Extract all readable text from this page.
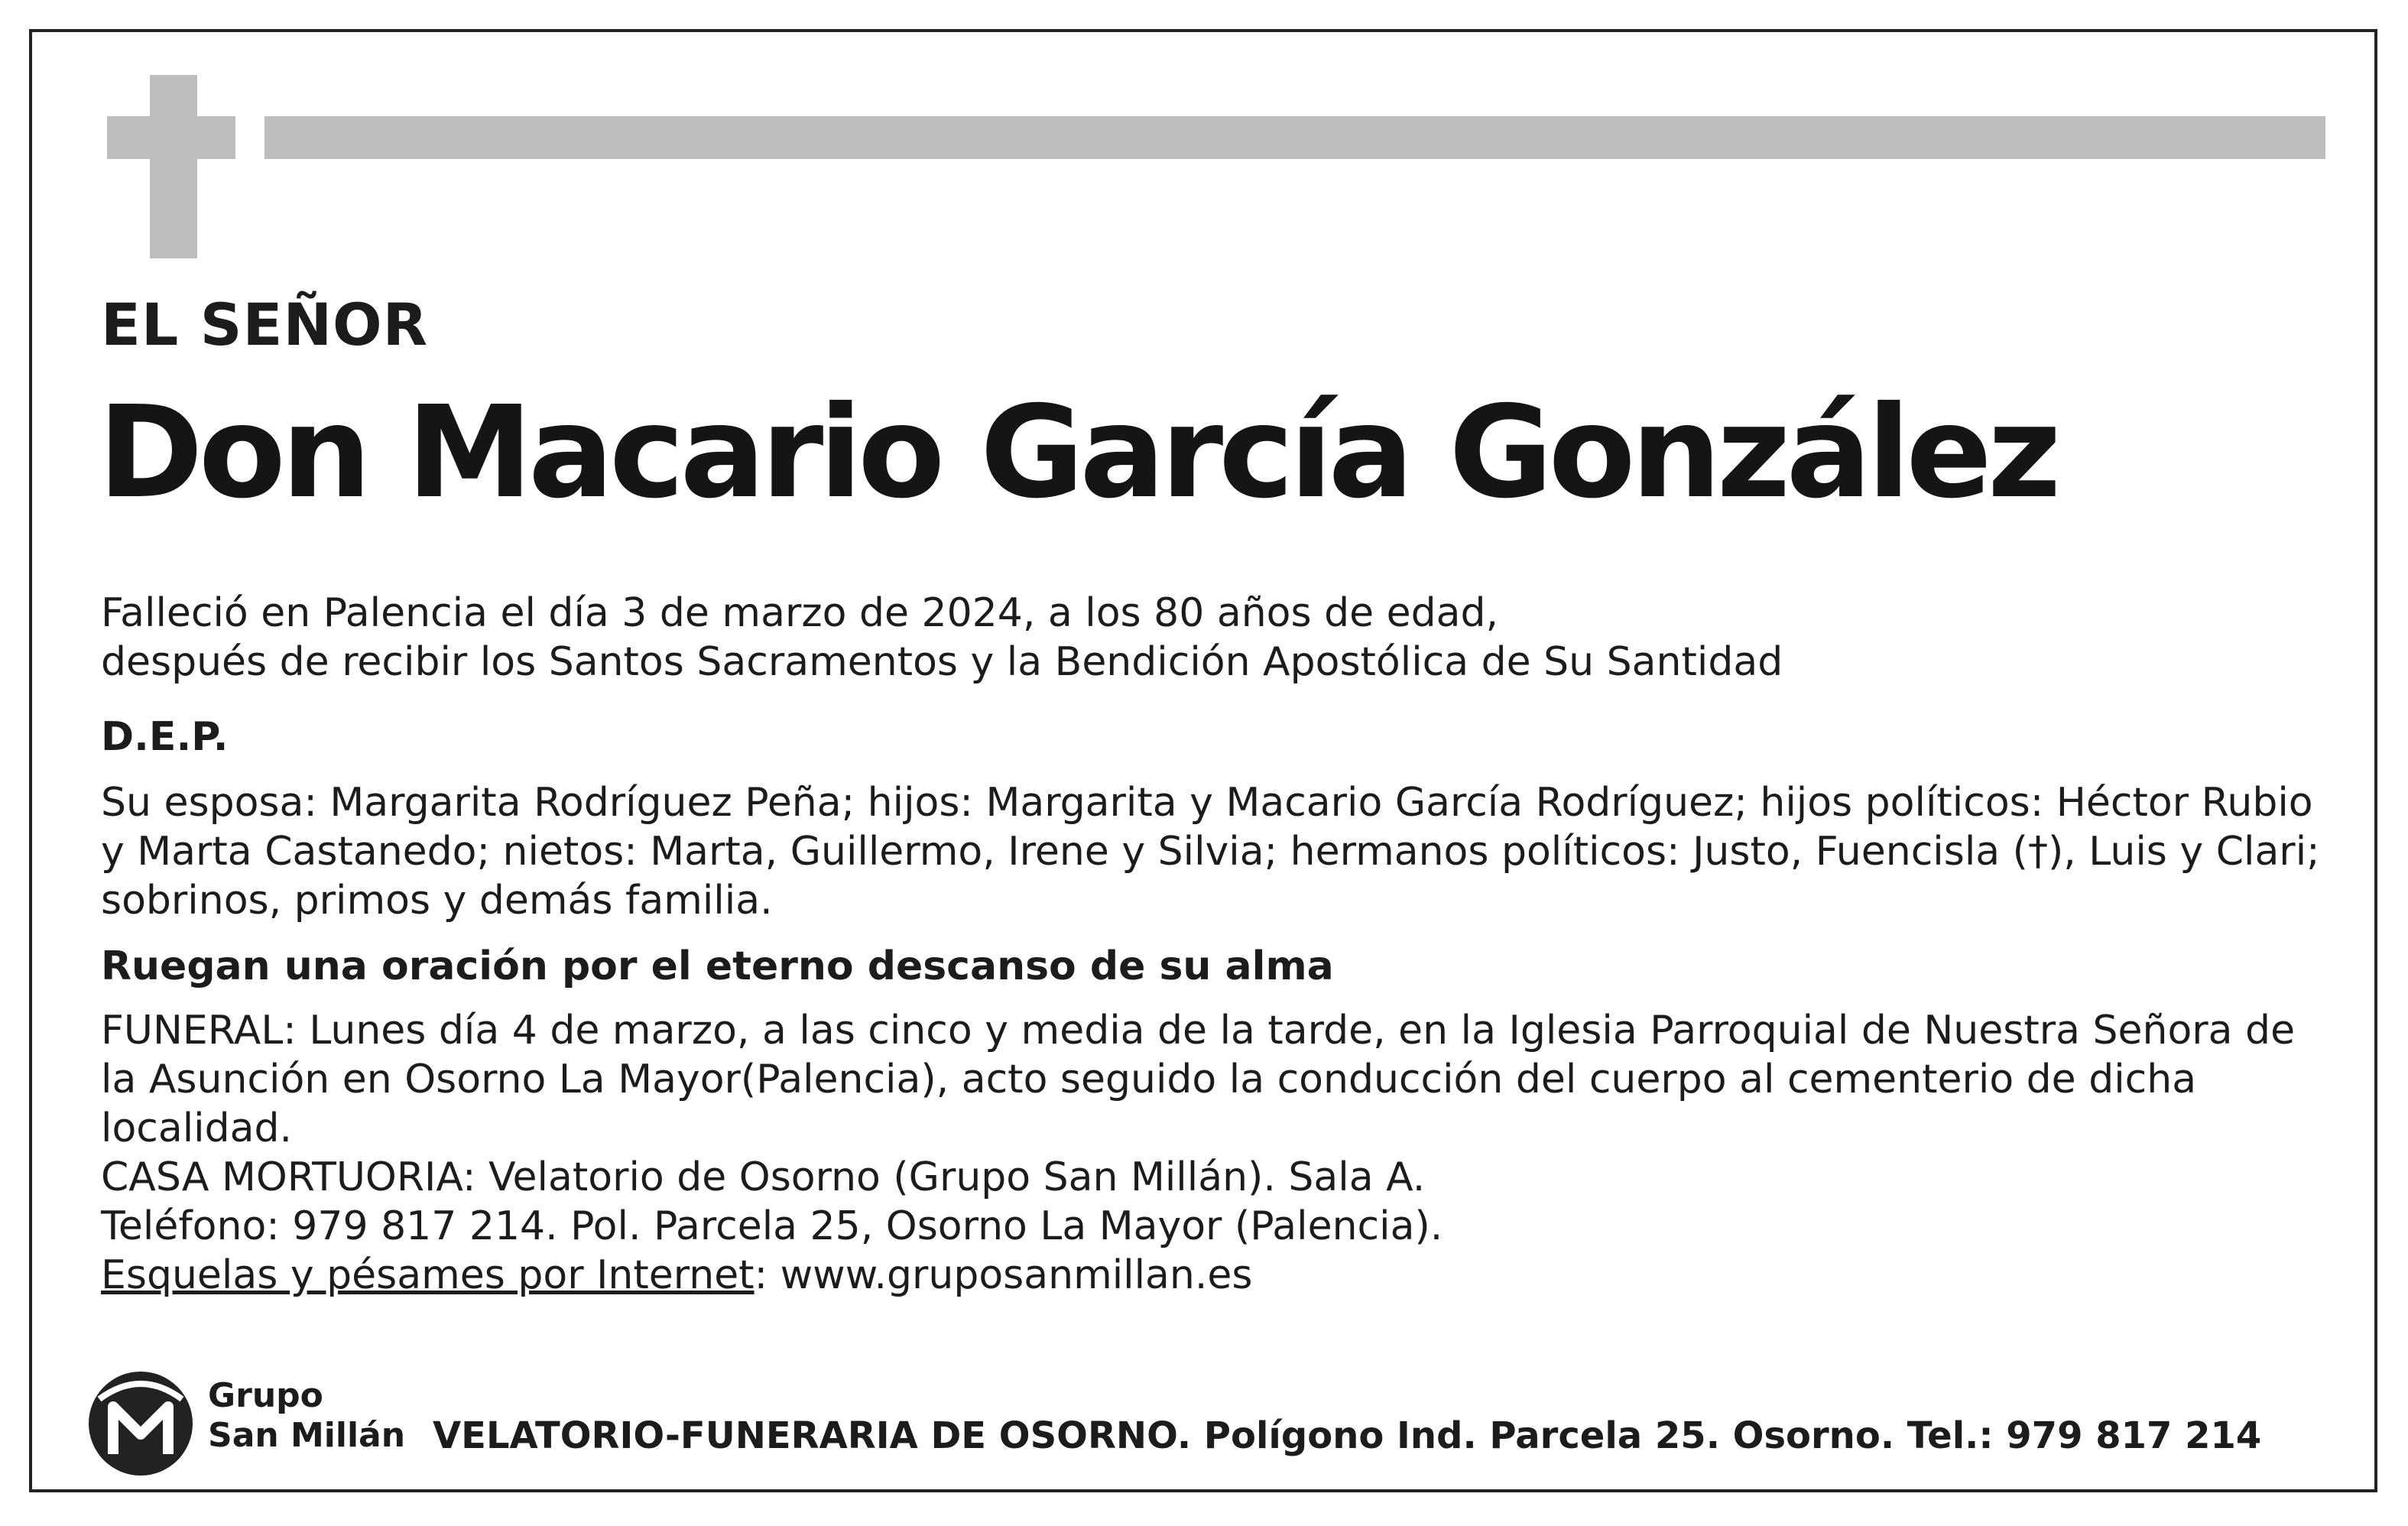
EL SEÑOR
Don Macario García González
Falleció en Palencia el día 3 de marzo de 2024, a los 80 años de edad,
después de recibir los Santos Sacramentos y la Bendición Apostólica de Su Santidad
D.E.P.
Su esposa: Margarita Rodríguez Peña; hijos: Margarita y Macario García Rodríguez; hijos políticos: Héctor Rubio y Marta Castanedo; nietos: Marta, Guillermo, Irene y Silvia; hermanos políticos: Justo, Fuencisla (†), Luis y Clari; sobrinos, primos y demás familia.
Ruegan una oración por el eterno descanso de su alma
FUNERAL: Lunes día 4 de marzo, a las cinco y media de la tarde, en la Iglesia Parroquial de Nuestra Señora de la Asunción en Osorno La Mayor(Palencia), acto seguido la conducción del cuerpo al cementerio de dicha localidad.
CASA MORTUORIA: Velatorio de Osorno (Grupo San Millán). Sala A.
Teléfono: 979 817 214. Pol. Parcela 25, Osorno La Mayor (Palencia).
Esquelas y pésames por Internet: www.gruposanmillan.es
Grupo
San Millán VELATORIO-FUNERARIA DE OSORNO. Polígono Ind. Parcela 25. Osorno. Tel.: 979 817 214
